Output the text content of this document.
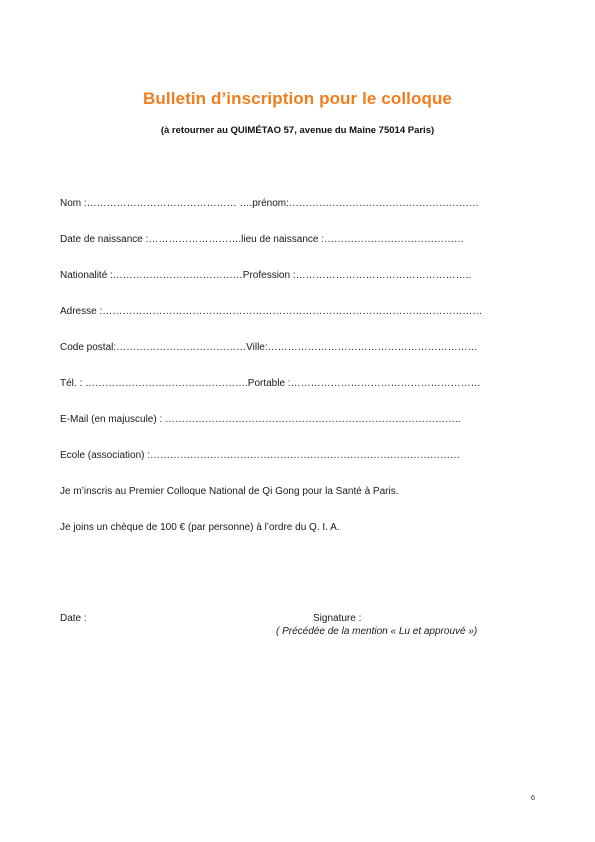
Bulletin d’inscription pour le colloque
(à retourner au QUIMÉTAO 57, avenue du Maine 75014 Paris)
Nom :……………………………………… ….prénom:…………………………………………………
Date de naissance :……………………….lieu de naissance :……………………………………
Nationalité :…………………………………Profession :……………………………………………..
Adresse :……………………………………………………………………………………………………
Code postal:…………………………………Ville:………………………………………………………
Tél. : ………………………………………….Portable :…………………………………………………
E-Mail (en majuscule) : ……………………………………………………………………………..
Ecole (association) :…………………………………………………………………………………
Je m’inscris au Premier Colloque National de Qi Gong pour la Santé à Paris.
Je joins un chèque de 100 € (par personne) à l’ordre du Q. I. A.
Date :	Signature :
( Précédée de la mention « Lu et approuvé »)
6
